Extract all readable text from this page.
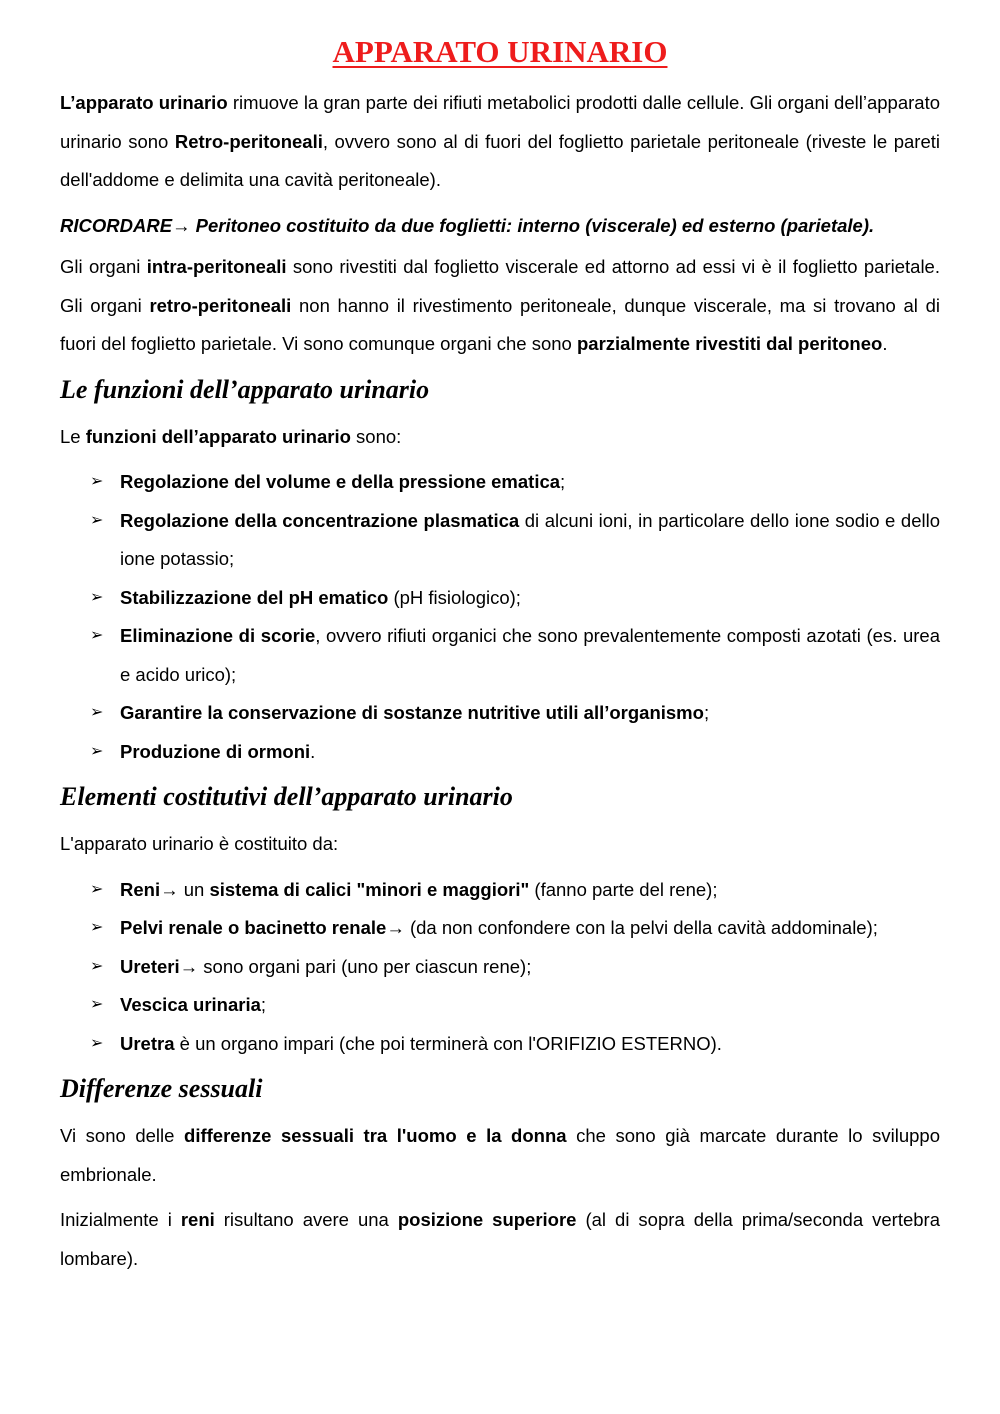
APPARATO URINARIO

L’apparato urinario rimuove la gran parte dei rifiuti metabolici prodotti dalle cellule. Gli organi dell’apparato urinario sono Retro-peritoneali, ovvero sono al di fuori del foglietto parietale peritoneale (riveste le pareti dell'addome e delimita una cavità peritoneale).

RICORDARE→ Peritoneo costituito da due foglietti: interno (viscerale) ed esterno (parietale).

Gli organi intra-peritoneali sono rivestiti dal foglietto viscerale ed attorno ad essi vi è il foglietto parietale. Gli organi retro-peritoneali non hanno il rivestimento peritoneale, dunque viscerale, ma si trovano al di fuori del foglietto parietale. Vi sono comunque organi che sono parzialmente rivestiti dal peritoneo.

Le funzioni dell’apparato urinario

Le funzioni dell’apparato urinario sono:

➢ Regolazione del volume e della pressione ematica;
➢ Regolazione della concentrazione plasmatica di alcuni ioni, in particolare dello ione sodio e dello ione potassio;
➢ Stabilizzazione del pH ematico (pH fisiologico);
➢ Eliminazione di scorie, ovvero rifiuti organici che sono prevalentemente composti azotati (es. urea e acido urico);
➢ Garantire la conservazione di sostanze nutritive utili all’organismo;
➢ Produzione di ormoni.
Elementi costitutivi dell’apparato urinario

L'apparato urinario è costituito da:

➢ Reni→ un sistema di calici "minori e maggiori" (fanno parte del rene);
➢ Pelvi renale o bacinetto renale→ (da non confondere con la pelvi della cavità addominale);
➢ Ureteri→ sono organi pari (uno per ciascun rene);
➢ Vescica urinaria;
➢ Uretra è un organo impari (che poi terminerà con l'ORIFIZIO ESTERNO).
Differenze sessuali

Vi sono delle differenze sessuali tra l'uomo e la donna che sono già marcate durante lo sviluppo embrionale.

Inizialmente i reni risultano avere una posizione superiore (al di sopra della prima/seconda vertebra lombare).
